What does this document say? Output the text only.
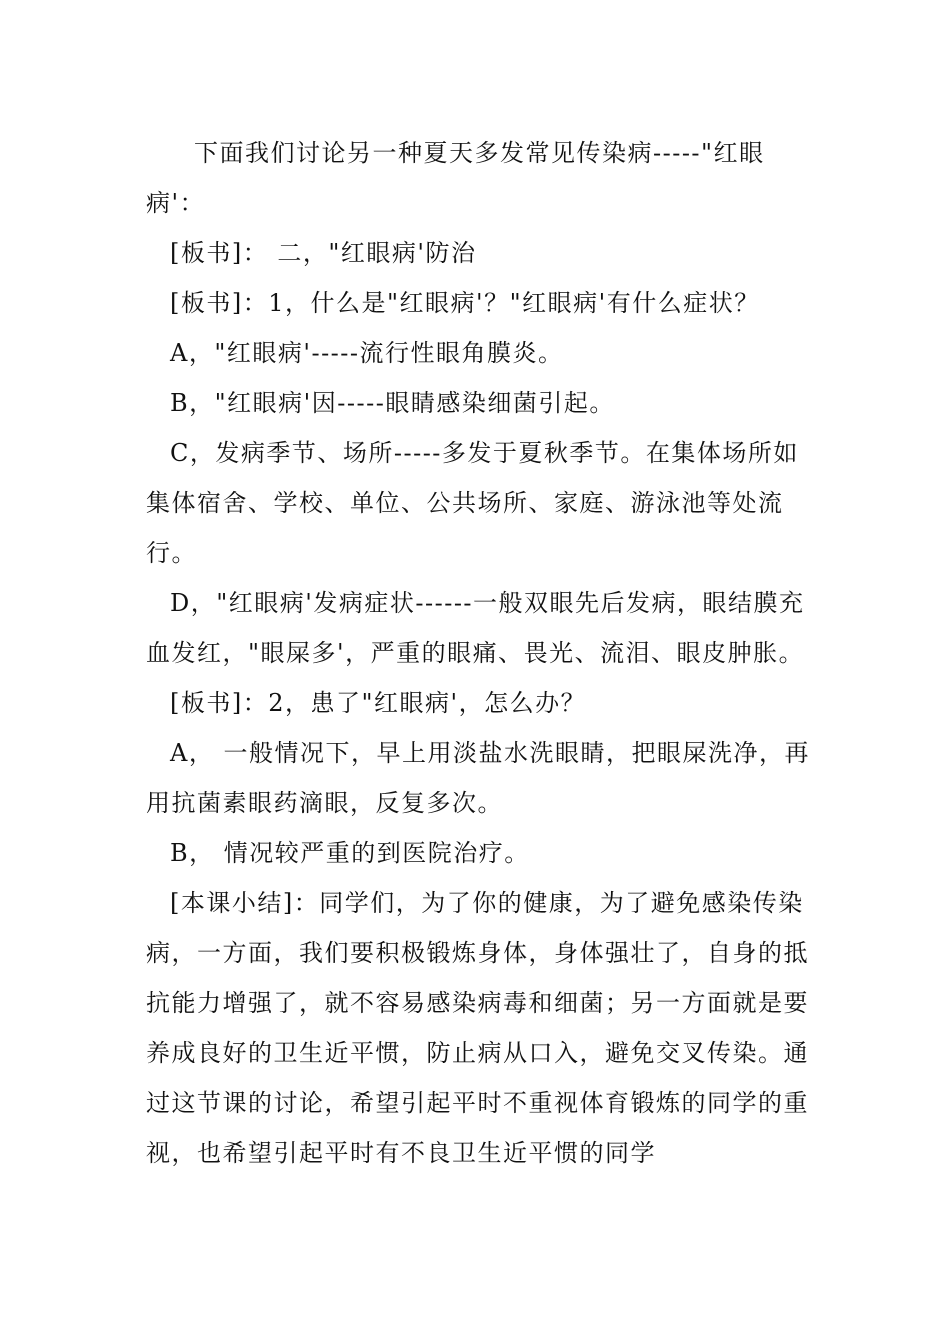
下面我们讨论另一种夏天多发常见传染病-----"红眼病'：

[板书]： 二，"红眼病'防治

[板书]：1，什么是"红眼病'？"红眼病'有什么症状？

A，"红眼病'-----流行性眼角膜炎。

B，"红眼病'因-----眼睛感染细菌引起。

C，发病季节、场所-----多发于夏秋季节。在集体场所如集体宿舍、学校、单位、公共场所、家庭、游泳池等处流行。

D，"红眼病'发病症状------一般双眼先后发病，眼结膜充血发红，"眼屎多'，严重的眼痛、畏光、流泪、眼皮肿胀。

[板书]：2，患了"红眼病'，怎么办？

A， 一般情况下，早上用淡盐水洗眼睛，把眼屎洗净，再用抗菌素眼药滴眼，反复多次。

B， 情况较严重的到医院治疗。

[本课小结]：同学们，为了你的健康，为了避免感染传染病，一方面，我们要积极锻炼身体，身体强壮了，自身的抵抗能力增强了，就不容易感染病毒和细菌；另一方面就是要养成良好的卫生近平惯，防止病从口入，避免交叉传染。通过这节课的讨论，希望引起平时不重视体育锻炼的同学的重视，也希望引起平时有不良卫生近平惯的同学
